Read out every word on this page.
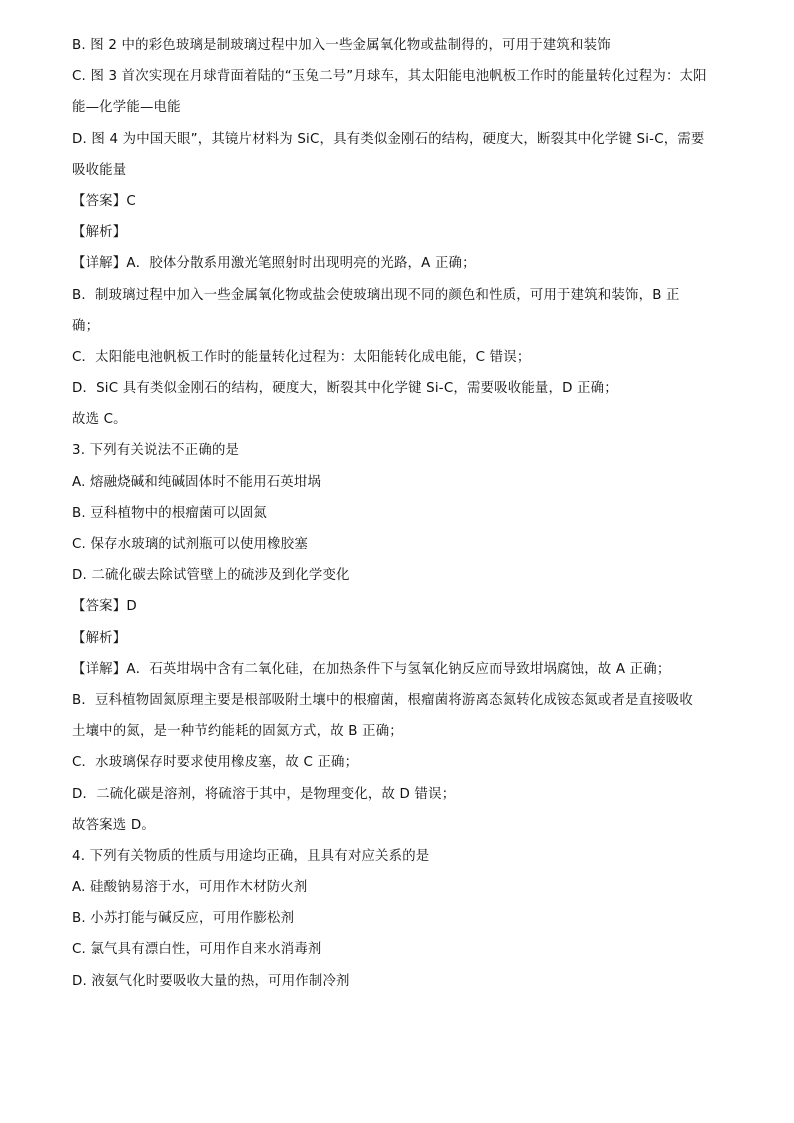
B. 图 2 中的彩色玻璃是制玻璃过程中加入一些金属氧化物或盐制得的，可用于建筑和装饰
C. 图 3 首次实现在月球背面着陆的“玉兔二号”月球车，其太阳能电池帆板工作时的能量转化过程为：太阳
能—化学能—电能
D. 图 4 为中国天眼”，其镜片材料为 SiC，具有类似金刚石的结构，硬度大，断裂其中化学键 Si-C，需要
吸收能量
【答案】C
【解析】
【详解】A．胶体分散系用激光笔照射时出现明亮的光路，A 正确；
B．制玻璃过程中加入一些金属氧化物或盐会使玻璃出现不同的颜色和性质，可用于建筑和装饰，B 正
确；
C．太阳能电池帆板工作时的能量转化过程为：太阳能转化成电能，C 错误；
D．SiC 具有类似金刚石的结构，硬度大，断裂其中化学键 Si-C，需要吸收能量，D 正确；
故选 C。
3. 下列有关说法不正确的是
A. 熔融烧碱和纯碱固体时不能用石英坩埚
B. 豆科植物中的根瘤菌可以固氮
C. 保存水玻璃的试剂瓶可以使用橡胶塞
D. 二硫化碳去除试管壁上的硫涉及到化学变化
【答案】D
【解析】
【详解】A．石英坩埚中含有二氧化硅，在加热条件下与氢氧化钠反应而导致坩埚腐蚀，故 A 正确；
B．豆科植物固氮原理主要是根部吸附土壤中的根瘤菌，根瘤菌将游离态氮转化成铵态氮或者是直接吸收
土壤中的氮，是一种节约能耗的固氮方式，故 B 正确；
C．水玻璃保存时要求使用橡皮塞，故 C 正确；
D．二硫化碳是溶剂，将硫溶于其中，是物理变化，故 D 错误；
故答案选 D。
4. 下列有关物质的性质与用途均正确，且具有对应关系的是
A. 硅酸钠易溶于水，可用作木材防火剂
B. 小苏打能与碱反应，可用作膨松剂
C. 氯气具有漂白性，可用作自来水消毒剂
D. 液氨气化时要吸收大量的热，可用作制冷剂
